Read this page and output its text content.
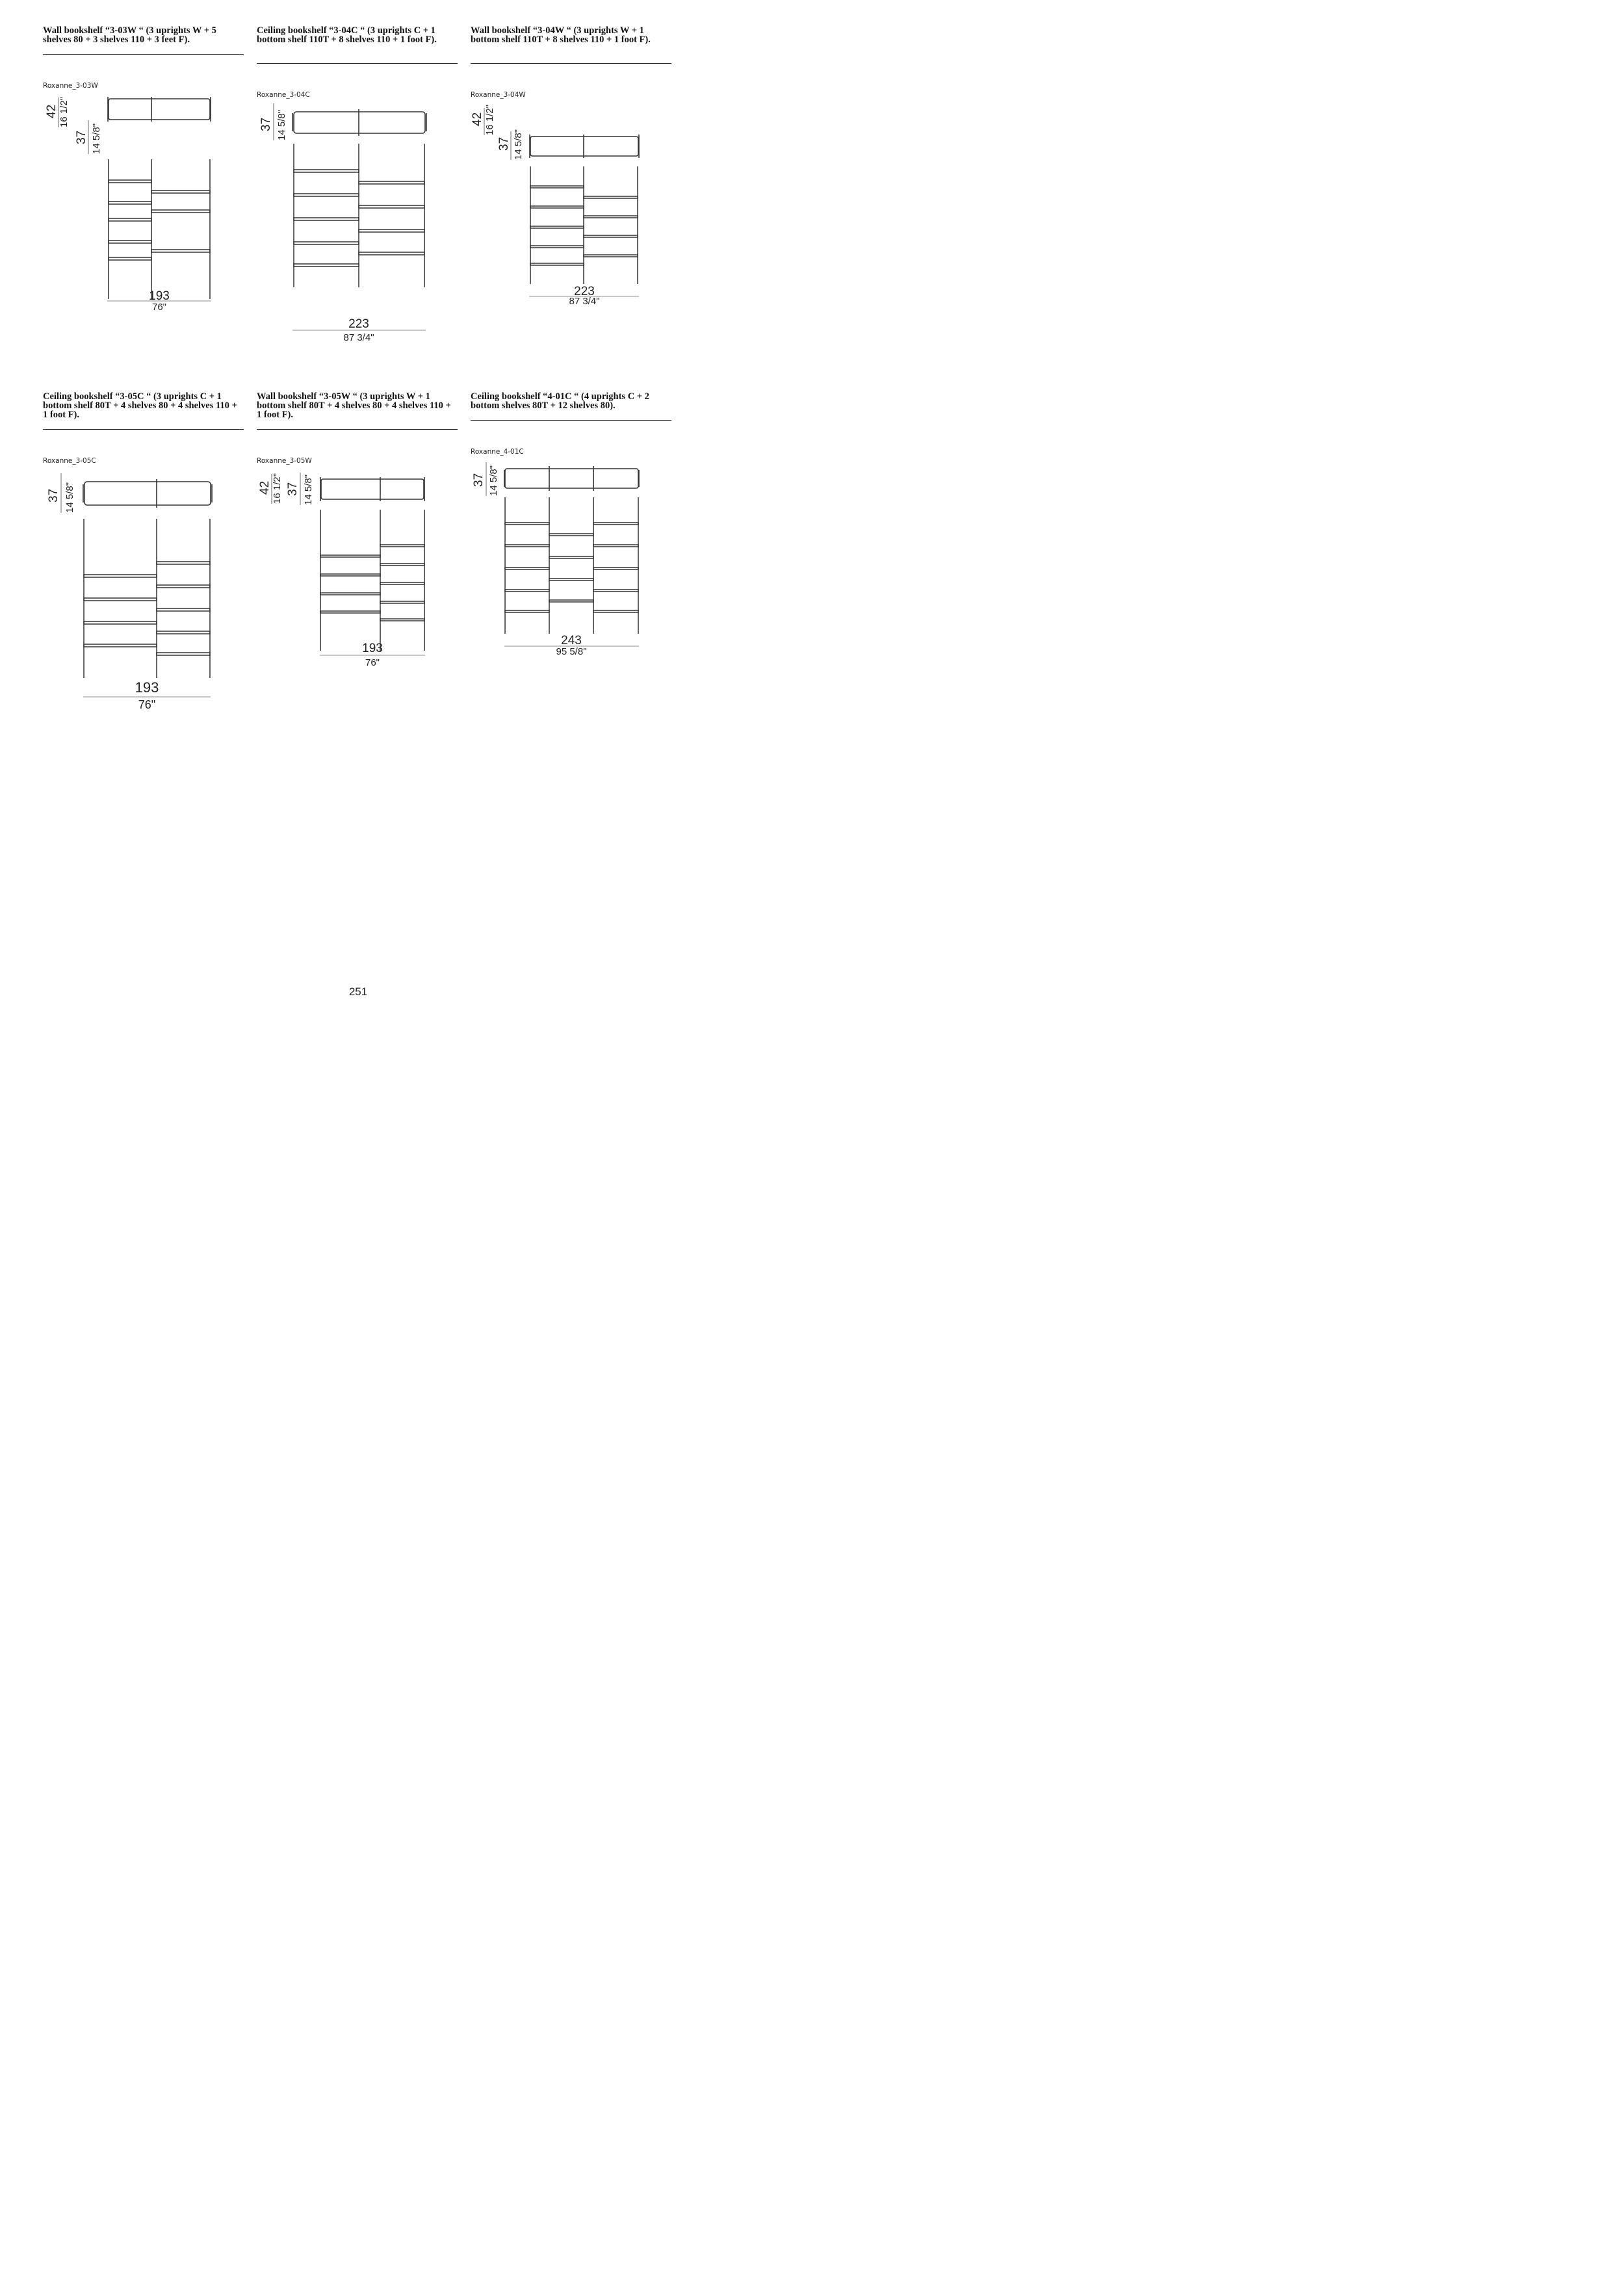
Wall bookshelf “3-03W “ (3 uprights W + 5 shelves 80 + 3 shelves 110 + 3 feet F).

Roxanne_3-03W
42 16 1/2"
37 14 5/8"
193
76"

Ceiling bookshelf “3-04C “ (3 uprights C + 1 bottom shelf 110T + 8 shelves 110 + 1 foot F).

Roxanne_3-04C
37 14 5/8"
223
87 3/4"

Wall bookshelf “3-04W “ (3 uprights W + 1 bottom shelf 110T + 8 shelves 110 + 1 foot F).

Roxanne_3-04W
42 16 1/2"
37 14 5/8"
223
87 3/4"

Ceiling bookshelf “3-05C “ (3 uprights C + 1 bottom shelf 80T + 4 shelves 80 + 4 shelves 110 + 1 foot F).

Roxanne_3-05C
37 14 5/8"
193
76"

Wall bookshelf “3-05W “ (3 uprights W + 1 bottom shelf 80T + 4 shelves 80 + 4 shelves 110 + 1 foot F).

Roxanne_3-05W
42 16 1/2" 37 14 5/8"
193
76"

Ceiling bookshelf “4-01C “ (4 uprights C + 2 bottom shelves 80T + 12 shelves 80).

Roxanne_4-01C
37 14 5/8"
243
95 5/8"
251
